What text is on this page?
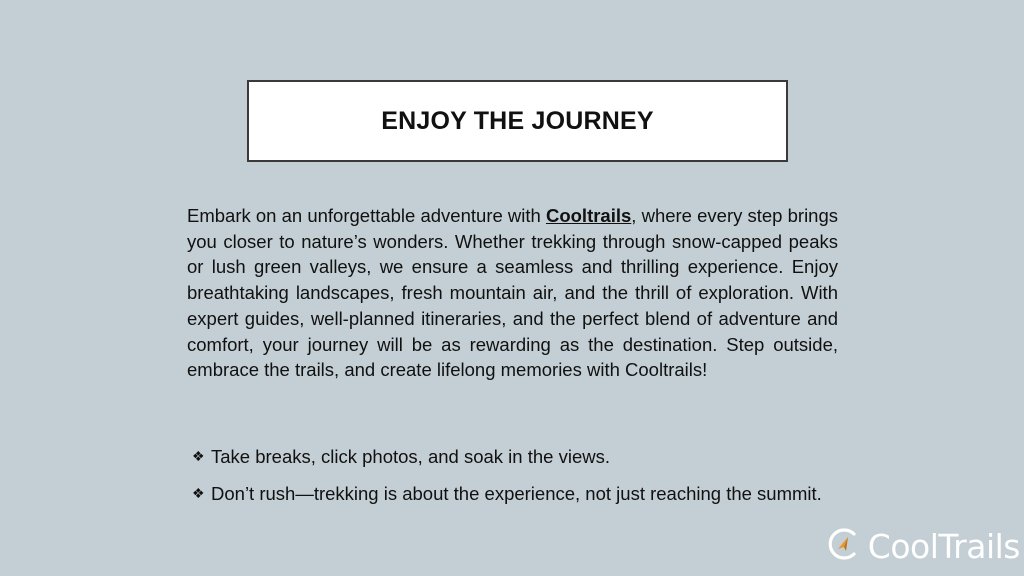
ENJOY THE JOURNEY

Embark on an unforgettable adventure with Cooltrails, where every step brings you closer to nature’s wonders. Whether trekking through snow-capped peaks or lush green valleys, we ensure a seamless and thrilling experience. Enjoy breathtaking landscapes, fresh mountain air, and the thrill of exploration. With expert guides, well-planned itineraries, and the perfect blend of adventure and comfort, your journey will be as rewarding as the destination. Step outside, embrace the trails, and create lifelong memories with Cooltrails!

❖ Take breaks, click photos, and soak in the views.
❖ Don’t rush—trekking is about the experience, not just reaching the summit.
CoolTrails
